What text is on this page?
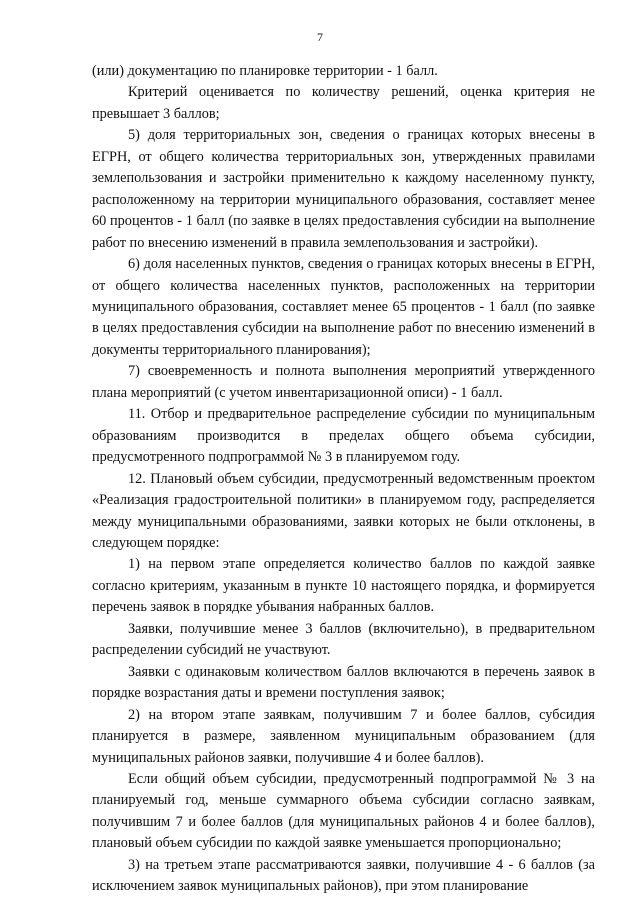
7

(или) документацию по планировке территории - 1 балл.

Критерий оценивается по количеству решений, оценка критерия не превышает 3 баллов;

5) доля территориальных зон, сведения о границах которых внесены в ЕГРН, от общего количества территориальных зон, утвержденных правилами землепользования и застройки применительно к каждому населенному пункту, расположенному на территории муниципального образования, составляет менее 60 процентов - 1 балл (по заявке в целях предоставления субсидии на выполнение работ по внесению изменений в правила землепользования и застройки).

6) доля населенных пунктов, сведения о границах которых внесены в ЕГРН, от общего количества населенных пунктов, расположенных на территории муниципального образования, составляет менее 65 процентов - 1 балл (по заявке в целях предоставления субсидии на выполнение работ по внесению изменений в документы территориального планирования);

7) своевременность и полнота выполнения мероприятий утвержденного плана мероприятий (с учетом инвентаризационной описи) - 1 балл.

11. Отбор и предварительное распределение субсидии по муниципальным образованиям производится в пределах общего объема субсидии, предусмотренного подпрограммой № 3 в планируемом году.

12. Плановый объем субсидии, предусмотренный ведомственным проектом «Реализация градостроительной политики» в планируемом году, распределяется между муниципальными образованиями, заявки которых не были отклонены, в следующем порядке:

1) на первом этапе определяется количество баллов по каждой заявке согласно критериям, указанным в пункте 10 настоящего порядка, и формируется перечень заявок в порядке убывания набранных баллов.

Заявки, получившие менее 3 баллов (включительно), в предварительном распределении субсидий не участвуют.

Заявки с одинаковым количеством баллов включаются в перечень заявок в порядке возрастания даты и времени поступления заявок;

2) на втором этапе заявкам, получившим 7 и более баллов, субсидия планируется в размере, заявленном муниципальным образованием (для муниципальных районов заявки, получившие 4 и более баллов).

Если общий объем субсидии, предусмотренный подпрограммой № 3 на планируемый год, меньше суммарного объема субсидии согласно заявкам, получившим 7 и более баллов (для муниципальных районов 4 и более баллов), плановый объем субсидии по каждой заявке уменьшается пропорционально;

3) на третьем этапе рассматриваются заявки, получившие 4 - 6 баллов (за исключением заявок муниципальных районов), при этом планирование
